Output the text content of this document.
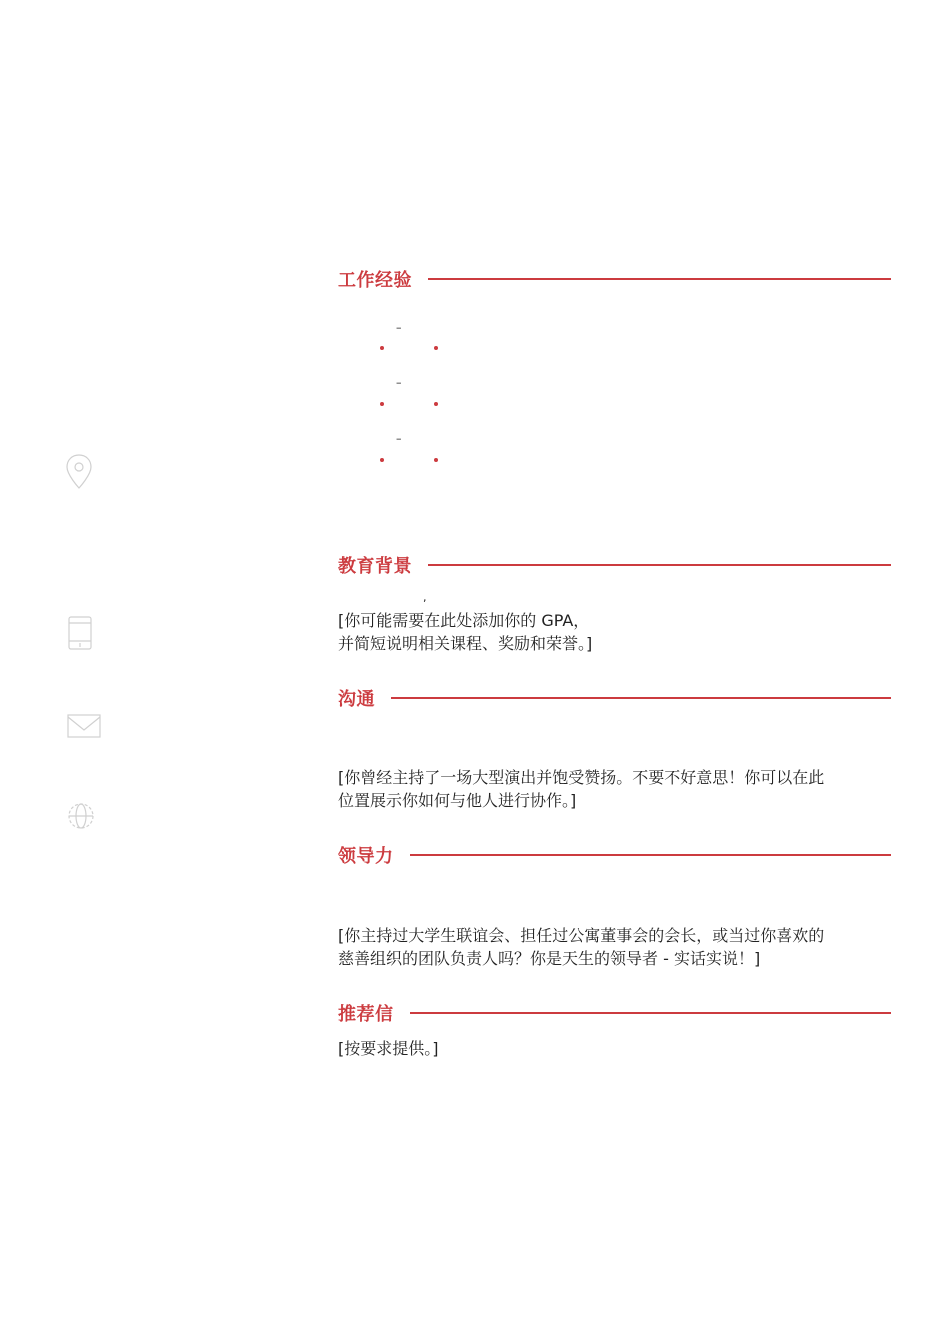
工作经验
–
–
–
教育背景
,
[你可能需要在此处添加你的 GPA，
并简短说明相关课程、奖励和荣誉。]
沟通
[你曾经主持了一场大型演出并饱受赞扬。不要不好意思！你可以在此
位置展示你如何与他人进行协作。]
领导力
[你主持过大学生联谊会、担任过公寓董事会的会长，或当过你喜欢的
慈善组织的团队负责人吗？你是天生的领导者 - 实话实说！]
推荐信
[按要求提供。]
